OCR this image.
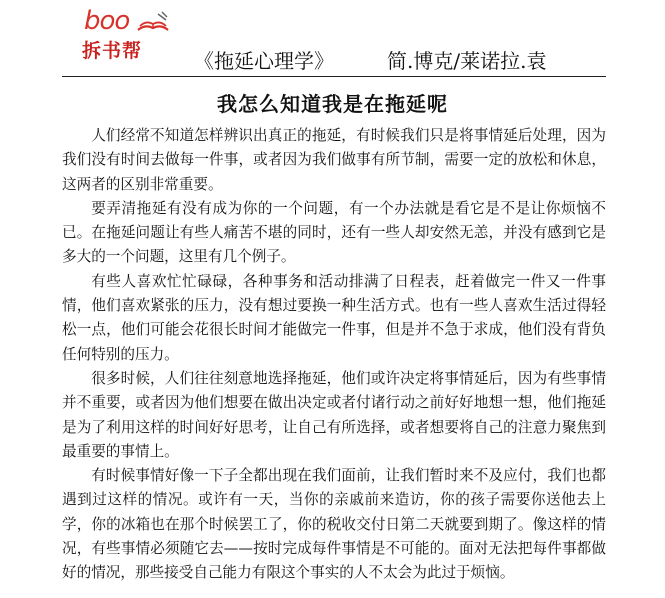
boo
拆书帮	《拖延心理学》	简.博克/莱诺拉.袁
我怎么知道我是在拖延呢

人们经常不知道怎样辨识出真正的拖延，有时候我们只是将事情延后处理，因为我们没有时间去做每一件事，或者因为我们做事有所节制，需要一定的放松和休息，这两者的区别非常重要。

要弄清拖延有没有成为你的一个问题，有一个办法就是看它是不是让你烦恼不已。在拖延问题让有些人痛苦不堪的同时，还有一些人却安然无恙，并没有感到它是多大的一个问题，这里有几个例子。

有些人喜欢忙忙碌碌，各种事务和活动排满了日程表，赶着做完一件又一件事情，他们喜欢紧张的压力，没有想过要换一种生活方式。也有一些人喜欢生活过得轻松一点，他们可能会花很长时间才能做完一件事，但是并不急于求成，他们没有背负任何特别的压力。

很多时候，人们往往刻意地选择拖延，他们或许决定将事情延后，因为有些事情并不重要，或者因为他们想要在做出决定或者付诸行动之前好好地想一想，他们拖延是为了利用这样的时间好好思考，让自己有所选择，或者想要将自己的注意力聚焦到最重要的事情上。

有时候事情好像一下子全都出现在我们面前，让我们暂时来不及应付，我们也都遇到过这样的情况。或许有一天，当你的亲戚前来造访，你的孩子需要你送他去上学，你的冰箱也在那个时候罢工了，你的税收交付日第二天就要到期了。像这样的情况，有些事情必须随它去——按时完成每件事情是不可能的。面对无法把每件事都做好的情况，那些接受自己能力有限这个事实的人不太会为此过于烦恼。
